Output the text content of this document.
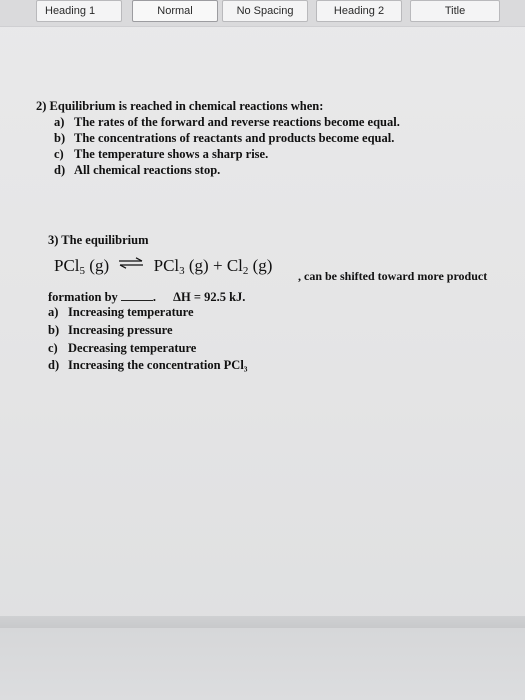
Heading 1	Normal	No Spacing	Heading 2	Title
2) Equilibrium is reached in chemical reactions when:
a) The rates of the forward and reverse reactions become equal.
b) The concentrations of reactants and products become equal.
c) The temperature shows a sharp rise.
d) All chemical reactions stop.
3) The equilibrium
PCl$_5$ (g) ⇌ PCl$_3$ $(g) + Cl_2$ (g)
, can be shifted toward more product
formation by	. ΔH = 92.5 kJ.
a) Increasing temperature
b) Increasing pressure
c) Decreasing temperature
d) Increasing the concentration PCl₃
